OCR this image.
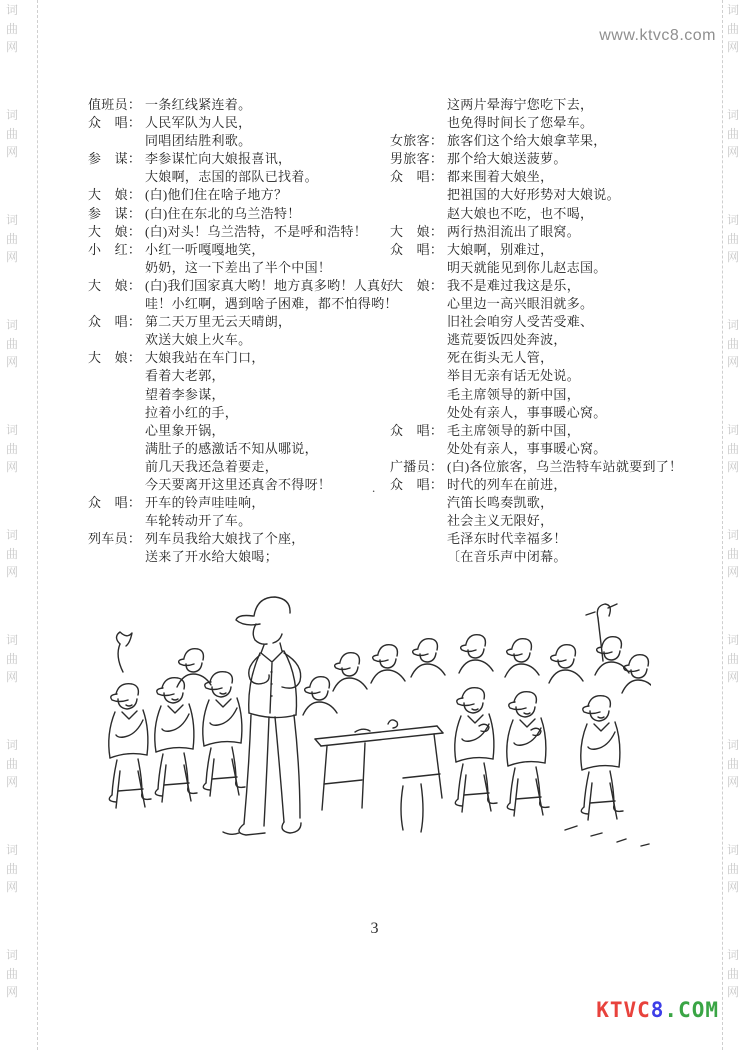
词
曲
网
词
曲
网
词
曲
网
词
曲
网
词
曲
网
词
曲
网
词
曲
网
词
曲
网
词
曲
网
词
曲
网
词
曲
网
词
曲
网
词
曲
网
词
曲
网
词
曲
网
词
曲
网
词
曲
网
词
曲
网
词
曲
网
词
曲
网
www.ktvc8.com
值班员： 一条红线紧连着。
众　唱： 人民军队为人民，
同唱团结胜利歌。
参　谋： 李参谋忙向大娘报喜讯，
大娘啊，志国的部队已找着。
大　娘： (白)他们住在啥子地方？
参　谋： (白)住在东北的乌兰浩特！
大　娘： (白)对头！乌兰浩特，不是呼和浩特！
小　红： 小红一听嘎嘎地笑，
奶奶，这一下差出了半个中国！
大　娘： (白)我们国家真大哟！地方真多哟！人真好
哇！小红啊，遇到啥子困难，都不怕得哟！
众　唱： 第二天万里无云天晴朗，
欢送大娘上火车。
大　娘： 大娘我站在车门口，
看着大老郭，
望着李参谋，
拉着小红的手，
心里象开锅，
满肚子的感激话不知从哪说，
前几天我还急着要走，
今天要离开这里还真舍不得呀！
众　唱： 开车的铃声哇哇响，
车轮转动开了车。
列车员： 列车员我给大娘找了个座，
送来了开水给大娘喝；
这两片晕海宁您吃下去，
也免得时间长了您晕车。
女旅客： 旅客们这个给大娘拿苹果，
男旅客： 那个给大娘送菠萝。
众　唱： 都来围着大娘坐，
把祖国的大好形势对大娘说。
赵大娘也不吃，也不喝，
大　娘： 两行热泪流出了眼窝。
众　唱： 大娘啊，别难过，
明天就能见到你儿赵志国。
大　娘： 我不是难过我这是乐，
心里边一高兴眼泪就多。
旧社会咱穷人受苦受难、
逃荒要饭四处奔波，
死在街头无人管，
举目无亲有话无处说。
毛主席领导的新中国，
处处有亲人，事事暖心窝。
众　唱： 毛主席领导的新中国，
处处有亲人，事事暖心窝。
广播员： (白)各位旅客，乌兰浩特车站就要到了！
众　唱： 时代的列车在前进，
汽笛长鸣奏凯歌，
社会主义无限好，
毛泽东时代幸福多！
〔在音乐声中闭幕。
.
3
KTVC8.COM
